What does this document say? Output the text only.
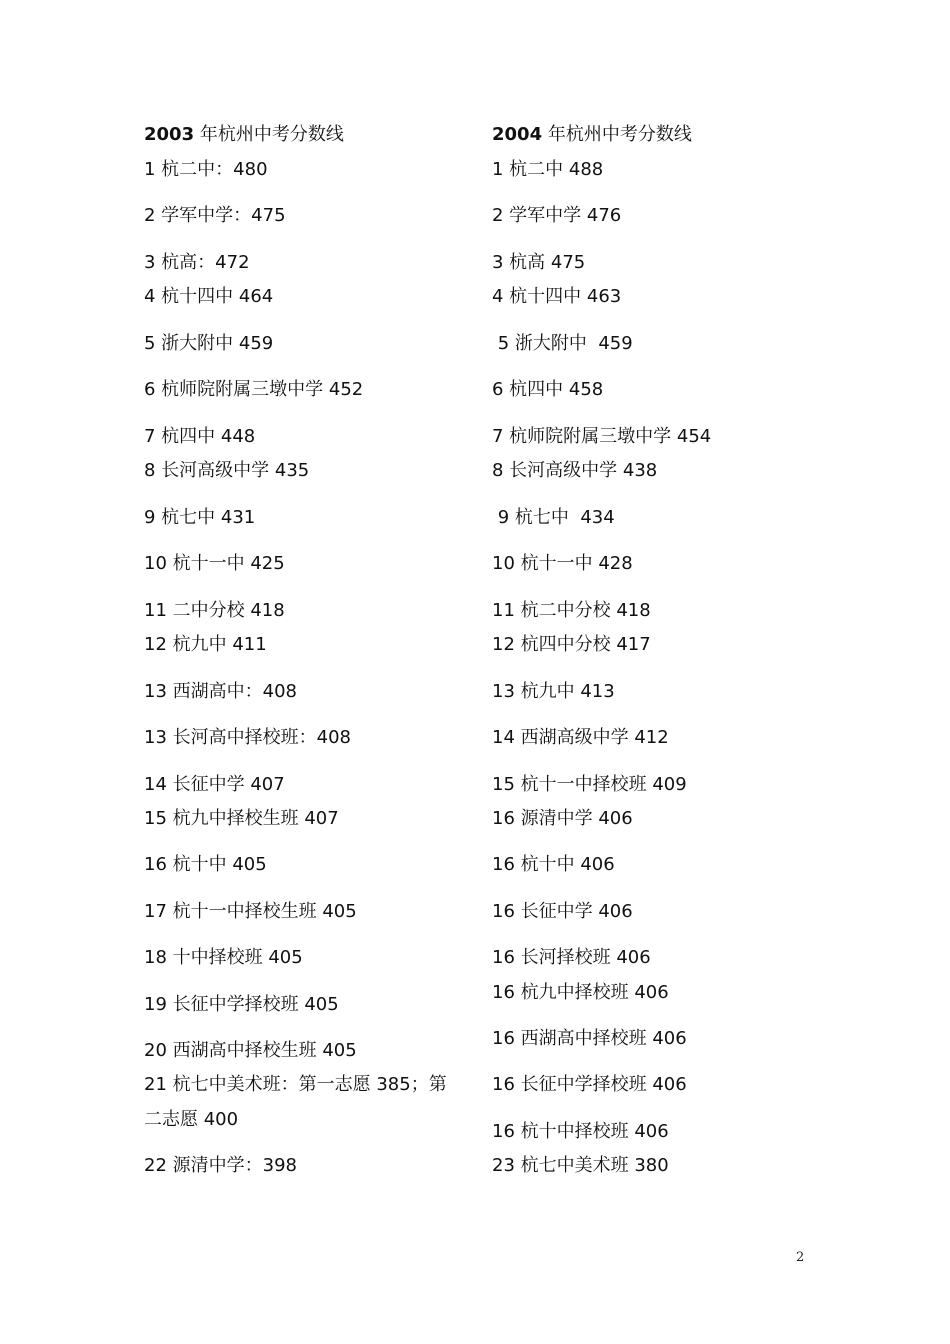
2003 年杭州中考分数线
1 杭二中：480
2 学军中学：475
3 杭高：472
4 杭十四中 464
5 浙大附中 459
6 杭师院附属三墩中学 452
7 杭四中 448
8 长河高级中学 435
9 杭七中 431
10 杭十一中 425
11 二中分校 418
12 杭九中 411
13 西湖高中：408
13 长河高中择校班：408
14 长征中学 407
15 杭九中择校生班 407
16 杭十中 405
17 杭十一中择校生班 405
18 十中择校班 405
19 长征中学择校班 405
20 西湖高中择校生班 405
21 杭七中美术班：第一志愿 385；第
二志愿 400
22 源清中学：398
2004 年杭州中考分数线
1 杭二中 488
2 学军中学 476
3 杭高 475
4 杭十四中 463
5 浙大附中  459
6 杭四中 458
7 杭师院附属三墩中学 454
8 长河高级中学 438
9 杭七中  434
10 杭十一中 428
11 杭二中分校 418
12 杭四中分校 417
13 杭九中 413
14 西湖高级中学 412
15 杭十一中择校班 409
16 源清中学 406
16 杭十中 406
16 长征中学 406
16 长河择校班 406
16 杭九中择校班 406
16 西湖高中择校班 406
16 长征中学择校班 406
16 杭十中择校班 406
23 杭七中美术班 380
2
